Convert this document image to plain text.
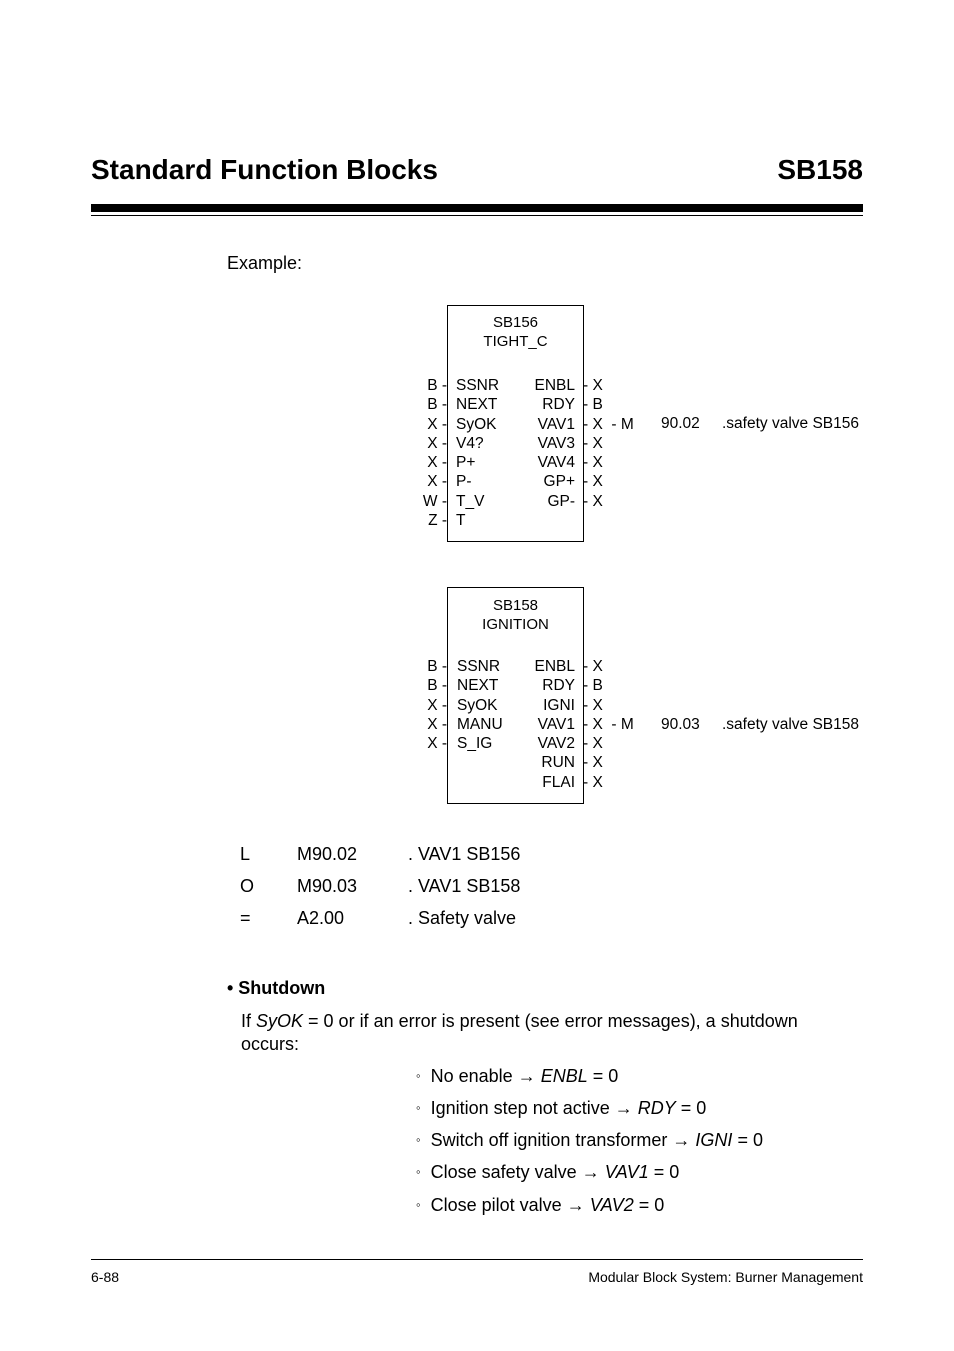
Standard Function Blocks	SB158
Example:
SB156
TIGHT_C
B -
B -
X -
X -
X -
X -
W -
Z -
SSNR
NEXT
SyOK
V4?
P+
P-
T_V
T
ENBL
RDY
VAV1
VAV3
VAV4
GP+
GP-
- X
- B
- X  - M
- X
- X
- X
- X
90.02 .safety valve SB156
SB158
IGNITION
B -
B -
X -
X -
X -
SSNR
NEXT
SyOK
MANU
S_IG
ENBL
RDY
IGNI
VAV1
VAV2
RUN
FLAI
- X
- B
- X
- X  - M
- X
- X
- X
90.03 .safety valve SB158
L	M90.02	. VAV1 SB156
O M90.03	. VAV1 SB158
=	A2.00	. Safety valve
• Shutdown
If SyOK = 0 or if an error is present (see error messages), a shutdown
occurs:
◦ No enable → ENBL = 0
◦ Ignition step not active → RDY = 0
◦ Switch off ignition transformer → IGNI = 0
◦ Close safety valve → VAV1 = 0
◦ Close pilot valve → VAV2 = 0
6-88	Modular Block System: Burner Management
